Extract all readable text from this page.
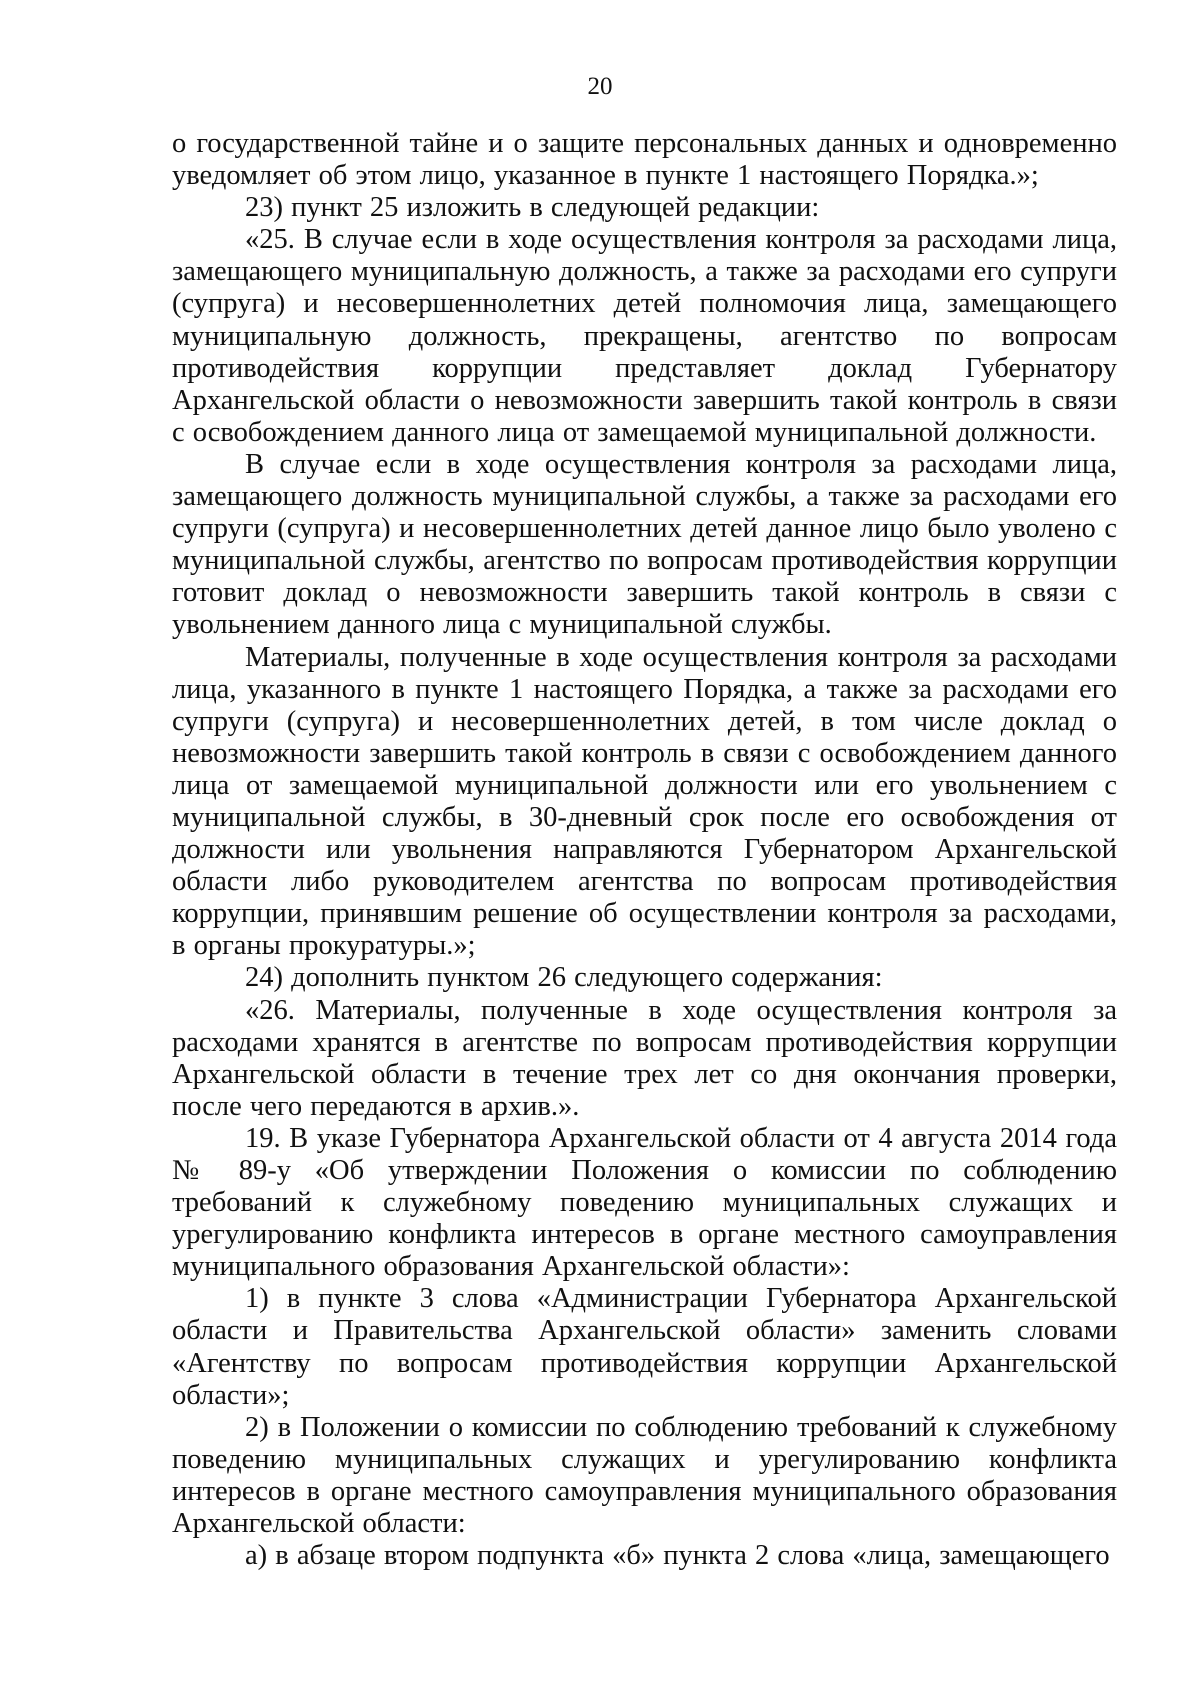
20

о государственной тайне и о защите персональных данных и одновременно уведомляет об этом лицо, указанное в пункте 1 настоящего Порядка.»;

23) пункт 25 изложить в следующей редакции:

«25. В случае если в ходе осуществления контроля за расходами лица, замещающего муниципальную должность, а также за расходами его супруги (супруга) и несовершеннолетних детей полномочия лица, замещающего муниципальную должность, прекращены, агентство по вопросам противодействия коррупции представляет доклад Губернатору Архангельской области о невозможности завершить такой контроль в связи с освобождением данного лица от замещаемой муниципальной должности.

В случае если в ходе осуществления контроля за расходами лица, замещающего должность муниципальной службы, а также за расходами его супруги (супруга) и несовершеннолетних детей данное лицо было уволено с муниципальной службы, агентство по вопросам противодействия коррупции готовит доклад о невозможности завершить такой контроль в связи с увольнением данного лица с муниципальной службы.

Материалы, полученные в ходе осуществления контроля за расходами лица, указанного в пункте 1 настоящего Порядка, а также за расходами его супруги (супруга) и несовершеннолетних детей, в том числе доклад о невозможности завершить такой контроль в связи с освобождением данного лица от замещаемой муниципальной должности или его увольнением с муниципальной службы, в 30-дневный срок после его освобождения от должности или увольнения направляются Губернатором Архангельской области либо руководителем агентства по вопросам противодействия коррупции, принявшим решение об осуществлении контроля за расходами, в органы прокуратуры.»;

24) дополнить пунктом 26 следующего содержания:

«26. Материалы, полученные в ходе осуществления контроля за расходами хранятся в агентстве по вопросам противодействия коррупции Архангельской области в течение трех лет со дня окончания проверки, после чего передаются в архив.».

19. В указе Губернатора Архангельской области от 4 августа 2014 года № 89-у «Об утверждении Положения о комиссии по соблюдению требований к служебному поведению муниципальных служащих и урегулированию конфликта интересов в органе местного самоуправления муниципального образования Архангельской области»:

1) в пункте 3 слова «Администрации Губернатора Архангельской области и Правительства Архангельской области» заменить словами «Агентству по вопросам противодействия коррупции Архангельской области»;

2) в Положении о комиссии по соблюдению требований к служебному поведению муниципальных служащих и урегулированию конфликта интересов в органе местного самоуправления муниципального образования Архангельской области:

а) в абзаце втором подпункта «б» пункта 2 слова «лица, замещающего
